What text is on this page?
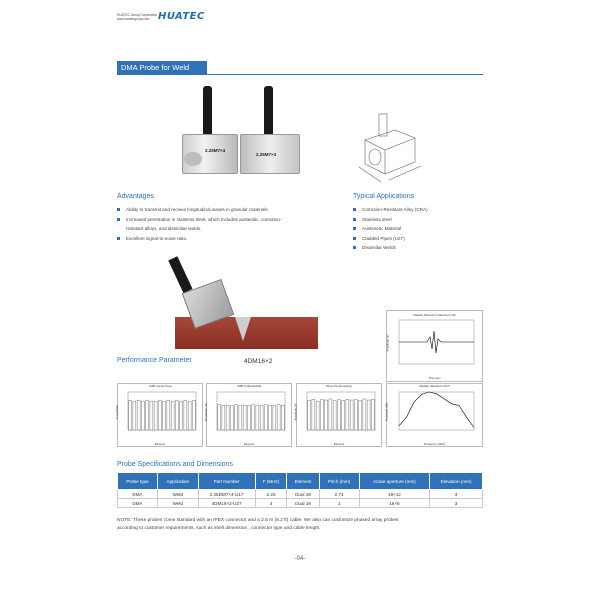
HUATEC Group Corporation
www.huatecgroup.com HUATEC
DMA Probe for Weld
2.25M7×4
2.25M7×4
Advantages
Ability to transmit and receive longitudinal waves in granular materials.
Increased penetration in stainless steel, which includes austenitic, corrosion-
resistant alloys, and dissimilar welds.
Excellent signal-to-noise ratio.
Typical Applications
Corrosion-Resistant Alloy (CRA)
Stainless steel
Austenetic Material
Cladded Pipes (U27)
Dissimilar Welds
Median Waveform (Element 16)
Time (μs)
Amplitude (V)
Performance Parameter	4DM16×2
-6dB Center Freq
Element
Freq (MHz)
-6dB % Bandwidth
Element
Bandwidth (%)
Pk-to-Pk Sensitivity
Element
Amplitude (V)
Median Waveform FFT
Frequency (MHz)
Amplitude (dB)
Probe Specifications and Dimensions
Probe type	Application	Part Number	F (MHz)	Element	Pitch (mm)	Active aperture (mm)	Elevation (mm)
DMA	Weld	2.25DM7×4-U17	2.25	Dual 28	2.71	19×12	3
DMA	Weld	4DM16×2-U27	4	Dual 16	1	16×6	3
NOTE: These probes come standard with an IPEX connector and a 2.5 m (8.2 ft) cable. We also can customize phased array probes
according to customer requirements, such as shell dimension , connector type and cable length.
-04-
